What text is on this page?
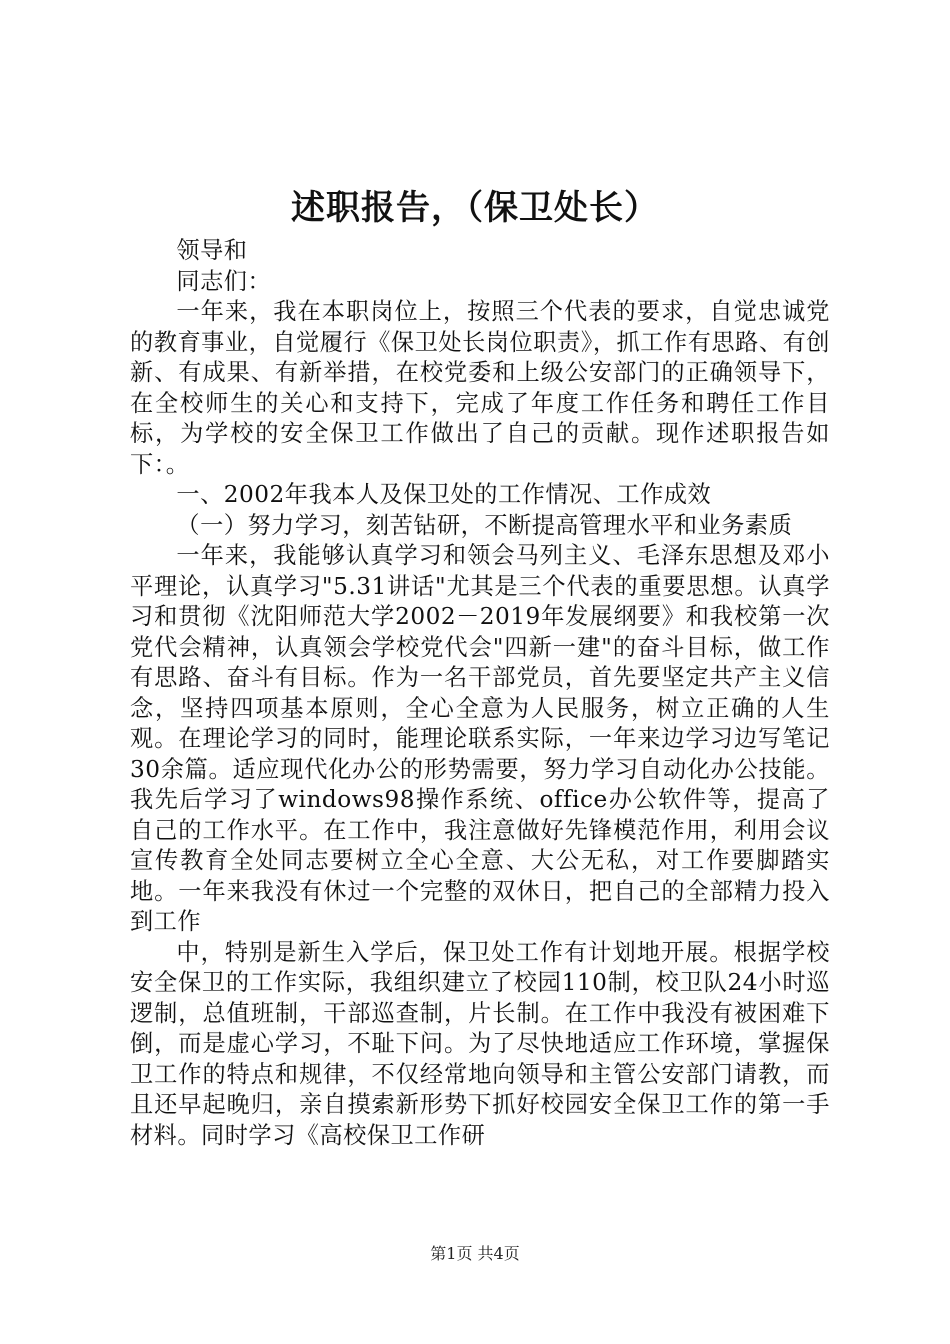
述职报告，（保卫处长）

领导和

同志们：

一年来，我在本职岗位上，按照三个代表的要求，自觉忠诚党的教育事业，自觉履行《保卫处长岗位职责》，抓工作有思路、有创新、有成果、有新举措，在校党委和上级公安部门的正确领导下，在全校师生的关心和支持下，完成了年度工作任务和聘任工作目标，为学校的安全保卫工作做出了自己的贡献。现作述职报告如下：。

一、2002年我本人及保卫处的工作情况、工作成效

（一）努力学习，刻苦钻研，不断提高管理水平和业务素质

一年来，我能够认真学习和领会马列主义、毛泽东思想及邓小平理论，认真学习"5.31讲话"尤其是三个代表的重要思想。认真学习和贯彻《沈阳师范大学2002－2019年发展纲要》和我校第一次党代会精神，认真领会学校党代会"四新一建"的奋斗目标，做工作有思路、奋斗有目标。作为一名干部党员，首先要坚定共产主义信念，坚持四项基本原则，全心全意为人民服务，树立正确的人生观。在理论学习的同时，能理论联系实际，一年来边学习边写笔记30余篇。适应现代化办公的形势需要，努力学习自动化办公技能。我先后学习了windows98操作系统、office办公软件等，提高了自己的工作水平。在工作中，我注意做好先锋模范作用，利用会议宣传教育全处同志要树立全心全意、大公无私，对工作要脚踏实地。一年来我没有休过一个完整的双休日，把自己的全部精力投入到工作

中，特别是新生入学后，保卫处工作有计划地开展。根据学校安全保卫的工作实际，我组织建立了校园110制，校卫队24小时巡逻制，总值班制，干部巡查制，片长制。在工作中我没有被困难下倒，而是虚心学习，不耻下问。为了尽快地适应工作环境，掌握保卫工作的特点和规律，不仅经常地向领导和主管公安部门请教，而且还早起晚归，亲自摸索新形势下抓好校园安全保卫工作的第一手材料。同时学习《高校保卫工作研

第1页 共4页
